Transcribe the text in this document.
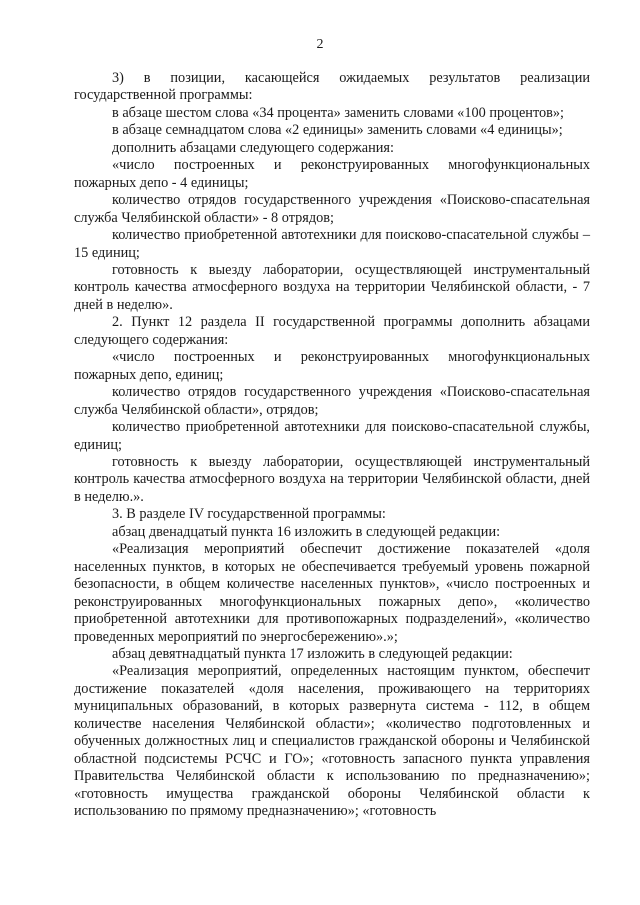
2

3) в позиции, касающейся ожидаемых результатов реализации государственной программы:

в абзаце шестом слова «34 процента» заменить словами «100 процентов»;

в абзаце семнадцатом слова «2 единицы» заменить словами «4 единицы»;

дополнить абзацами следующего содержания:

«число построенных и реконструированных многофункциональных пожарных депо - 4 единицы;

количество отрядов государственного учреждения «Поисково-спасательная служба Челябинской области» - 8 отрядов;

количество приобретенной автотехники для поисково-спасательной службы – 15 единиц;

готовность к выезду лаборатории, осуществляющей инструментальный контроль качества атмосферного воздуха на территории Челябинской области, - 7 дней в неделю».

2. Пункт 12 раздела II государственной программы дополнить абзацами следующего содержания:

«число построенных и реконструированных многофункциональных пожарных депо, единиц;

количество отрядов государственного учреждения «Поисково-спасательная служба Челябинской области», отрядов;

количество приобретенной автотехники для поисково-спасательной службы, единиц;

готовность к выезду лаборатории, осуществляющей инструментальный контроль качества атмосферного воздуха на территории Челябинской области, дней в неделю.».

3. В разделе IV государственной программы:

абзац двенадцатый пункта 16 изложить в следующей редакции:

«Реализация мероприятий обеспечит достижение показателей «доля населенных пунктов, в которых не обеспечивается требуемый уровень пожарной безопасности, в общем количестве населенных пунктов», «число построенных и реконструированных многофункциональных пожарных депо», «количество приобретенной автотехники для противопожарных подразделений», «количество проведенных мероприятий по энергосбережению».»;

абзац девятнадцатый пункта 17 изложить в следующей редакции:

«Реализация мероприятий, определенных настоящим пунктом, обеспечит достижение показателей «доля населения, проживающего на территориях муниципальных образований, в которых развернута система - 112, в общем количестве населения Челябинской области»; «количество подготовленных и обученных должностных лиц и специалистов гражданской обороны и Челябинской областной подсистемы РСЧС и ГО»; «готовность запасного пункта управления Правительства Челябинской области к использованию по предназначению»; «готовность имущества гражданской обороны Челябинской области к использованию по прямому предназначению»; «готовность
